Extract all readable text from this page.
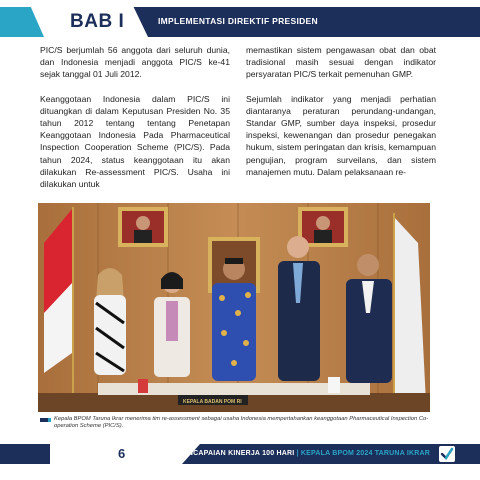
BAB I	IMPLEMENTASI DIREKTIF PRESIDEN

PIC/S berjumlah 56 anggota dari seluruh dunia, dan Indonesia menjadi anggota PIC/S ke-41 sejak tanggal 01 Juli 2012.

Keanggotaan Indonesia dalam PIC/S ini dituangkan di dalam Keputusan Presiden No. 35 tahun 2012 tentang tentang Penetapan Keanggotaan Indonesia Pada Pharmaceutical Inspection Cooperation Scheme (PIC/S). Pada tahun 2024, status keanggotaan itu akan dilakukan Re-assessment PIC/S. Usaha ini dilakukan untuk

memastikan sistem pengawasan obat dan obat tradisional masih sesuai dengan indikator persyaratan PIC/S terkait pemenuhan GMP.

Sejumlah indikator yang menjadi perhatian diantaranya peraturan perundang-undangan, Standar GMP, sumber daya inspeksi, prosedur inspeksi, kewenangan dan prosedur penegakan hukum, sistem peringatan dan krisis, kemampuan pengujian, program surveilans, dan sistem manajemen mutu. Dalam pelaksanaan re-

KEPALA BADAN POM RI
Kepala BPOM Taruna Ikrar menerima tim re-assessment sebagai usaha Indonesia mempertahankan keanggotaan Pharmaceutical Inspection Co-operation Scheme (PIC/S).
6	PENCAPAIAN KINERJA 100 HARI | KEPALA BPOM 2024 TARUNA IKRAR
